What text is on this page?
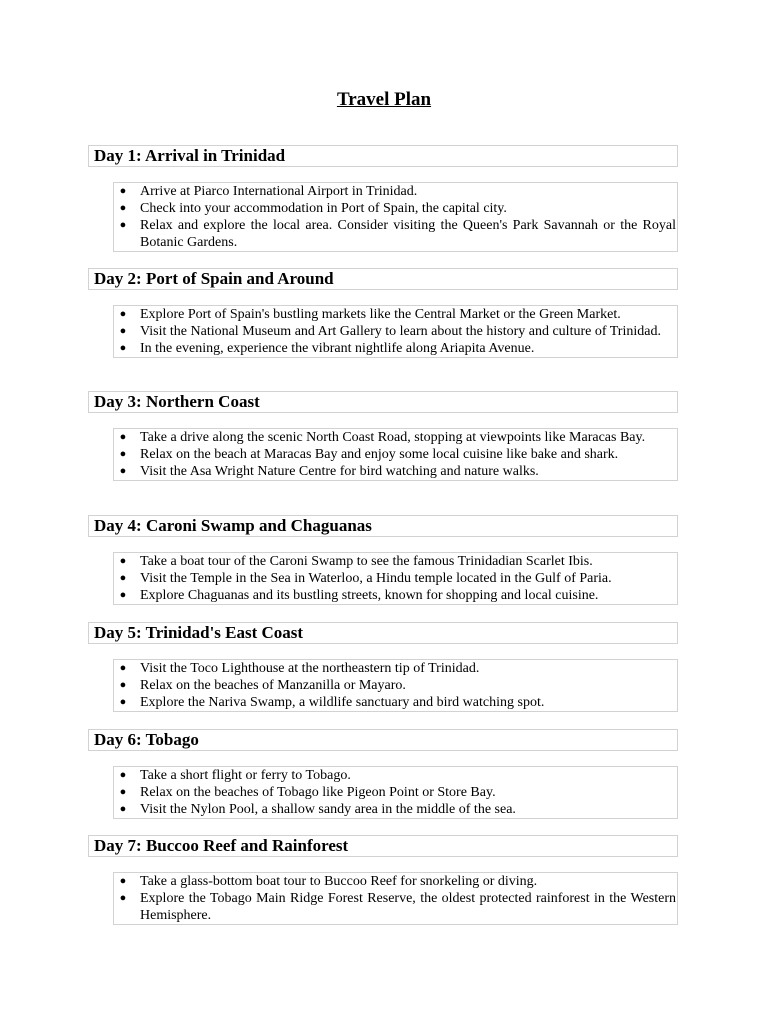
Travel Plan
Day 1: Arrival in Trinidad
● Arrive at Piarco International Airport in Trinidad.
● Check into your accommodation in Port of Spain, the capital city.
● Relax and explore the local area. Consider visiting the Queen's Park Savannah or the Royal Botanic Gardens.
Day 2: Port of Spain and Around
● Explore Port of Spain's bustling markets like the Central Market or the Green Market.
● Visit the National Museum and Art Gallery to learn about the history and culture of Trinidad.
● In the evening, experience the vibrant nightlife along Ariapita Avenue.
Day 3: Northern Coast
● Take a drive along the scenic North Coast Road, stopping at viewpoints like Maracas Bay.
● Relax on the beach at Maracas Bay and enjoy some local cuisine like bake and shark.
● Visit the Asa Wright Nature Centre for bird watching and nature walks.
Day 4: Caroni Swamp and Chaguanas
● Take a boat tour of the Caroni Swamp to see the famous Trinidadian Scarlet Ibis.
● Visit the Temple in the Sea in Waterloo, a Hindu temple located in the Gulf of Paria.
● Explore Chaguanas and its bustling streets, known for shopping and local cuisine.
Day 5: Trinidad's East Coast
● Visit the Toco Lighthouse at the northeastern tip of Trinidad.
● Relax on the beaches of Manzanilla or Mayaro.
● Explore the Nariva Swamp, a wildlife sanctuary and bird watching spot.
Day 6: Tobago
● Take a short flight or ferry to Tobago.
● Relax on the beaches of Tobago like Pigeon Point or Store Bay.
● Visit the Nylon Pool, a shallow sandy area in the middle of the sea.
Day 7: Buccoo Reef and Rainforest
● Take a glass-bottom boat tour to Buccoo Reef for snorkeling or diving.
● Explore the Tobago Main Ridge Forest Reserve, the oldest protected rainforest in the Western Hemisphere.
